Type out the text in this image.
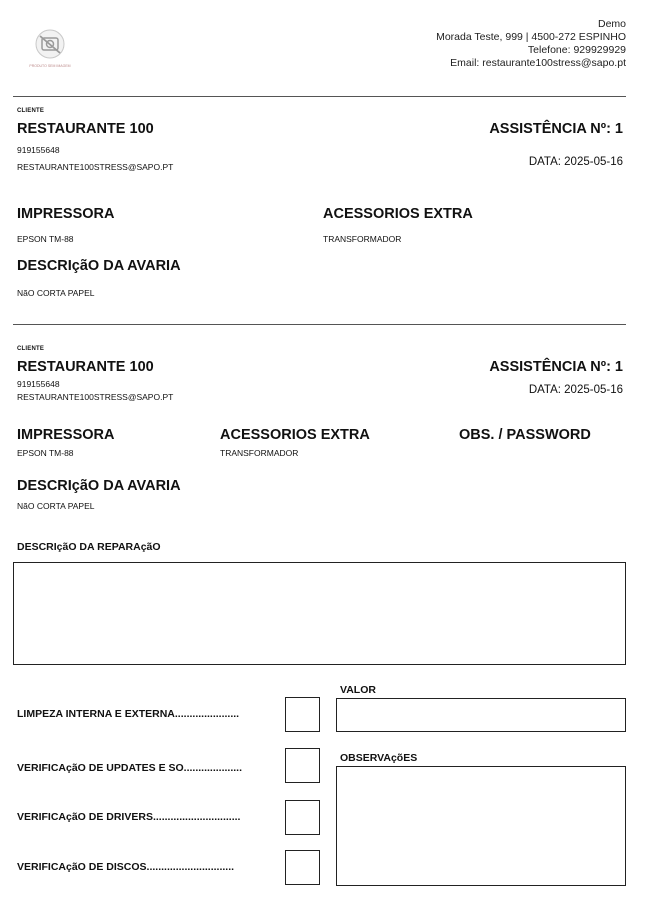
PRODUTO SEM IMAGEM
Demo
Morada Teste, 999 | 4500-272 ESPINHO
Telefone: 929929929
Email: restaurante100stress@sapo.pt
CLIENTE
RESTAURANTE 100
919155648
RESTAURANTE100STRESS@SAPO.PT
ASSISTÊNCIA Nº: 1
DATA: 2025-05-16
IMPRESSORA
EPSON TM-88
ACESSORIOS EXTRA
TRANSFORMADOR
DESCRIçãO DA AVARIA
NãO CORTA PAPEL
CLIENTE
RESTAURANTE 100
919155648
RESTAURANTE100STRESS@SAPO.PT
ASSISTÊNCIA Nº: 1
DATA: 2025-05-16
IMPRESSORA
EPSON TM-88
ACESSORIOS EXTRA
TRANSFORMADOR
OBS. / PASSWORD
DESCRIçãO DA AVARIA
NãO CORTA PAPEL
DESCRIçãO DA REPARAçãO
LIMPEZA INTERNA E EXTERNA......................
VERIFICAçãO DE UPDATES E SO....................
VERIFICAçãO DE DRIVERS..............................
VERIFICAçãO DE DISCOS..............................
VALOR
OBSERVAçõES
